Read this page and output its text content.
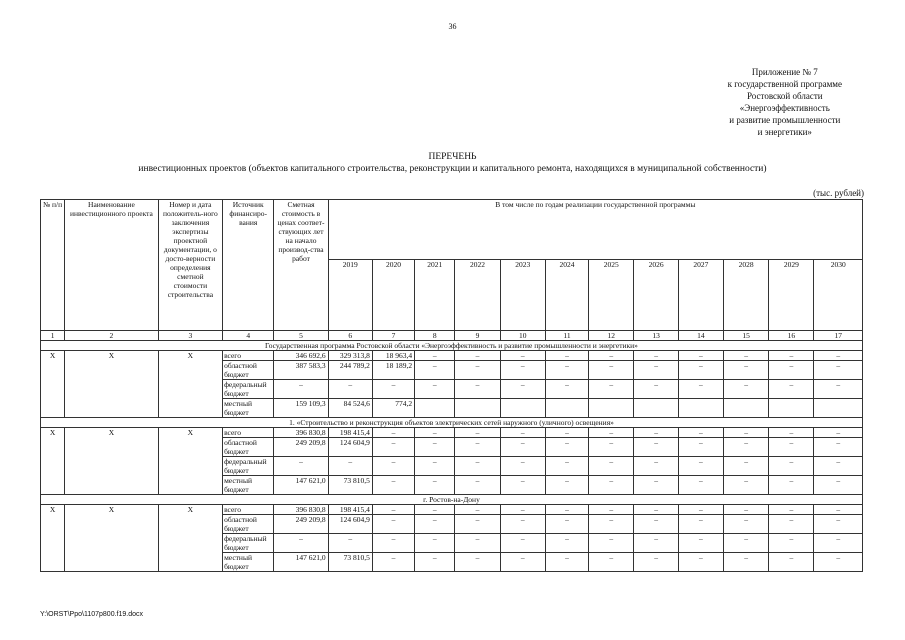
36
Приложение № 7
к государственной программе
Ростовской области
«Энергоэффективность
и развитие промышленности
и энергетики»
ПЕРЕЧЕНЬ
инвестиционных проектов (объектов капитального строительства, реконструкции и капитального ремонта, находящихся в муниципальной собственности)
(тыс. рублей)
№ п/п	Наименование инвестиционного проекта	Номер и дата положитель-ного заключения экспертизы проектной документации, о досто-верности определения сметной стоимости строительства	Источник финансиро-вания	Сметная стоимость в ценах соответ-ствующих лет на начало производ-ства работ	В том числе по годам реализации государственной программы											
					2019	2020	2021	2022	2023	2024	2025	2026	2027	2028	2029	2030
1	2	3	4	5	6	7	8	9	10	11	12	13	14	15	16	17
Государственная программа Ростовской области «Энергоэффективность и развитие промышленности и энергетики»																
X	X	X	всего	346 692,6	329 313,8	18 963,4	–	–	–	–	–	–	–	–	–	–
			областной бюджет	387 583,3	244 789,2	18 189,2	–	–	–	–	–	–	–	–	–	–
			федеральный бюджет	–	–	–	–	–	–	–	–	–	–	–	–	–
			местный бюджет	159 109,3	84 524,6	774,2										
1. «Строительство и реконструкция объектов электрических сетей наружного (уличного) освещения»																
X	X	X	всего	396 830,8	198 415,4	–	–	–	–	–	–	–	–	–	–	–
			областной бюджет	249 209,8	124 604,9	–	–	–	–	–	–	–	–	–	–	–
			федеральный бюджет	–	–	–	–	–	–	–	–	–	–	–	–	–
			местный бюджет	147 621,0	73 810,5	–	–	–	–	–	–	–	–	–	–	–
г. Ростов-на-Дону																
X	X	X	всего	396 830,8	198 415,4	–	–	–	–	–	–	–	–	–	–	–
			областной бюджет	249 209,8	124 604,9	–	–	–	–	–	–	–	–	–	–	–
			федеральный бюджет	–	–	–	–	–	–	–	–	–	–	–	–	–
			местный бюджет	147 621,0	73 810,5	–	–	–	–	–	–	–	–	–	–	–
Y:\ORST\Ppo\1107p800.f19.docx
